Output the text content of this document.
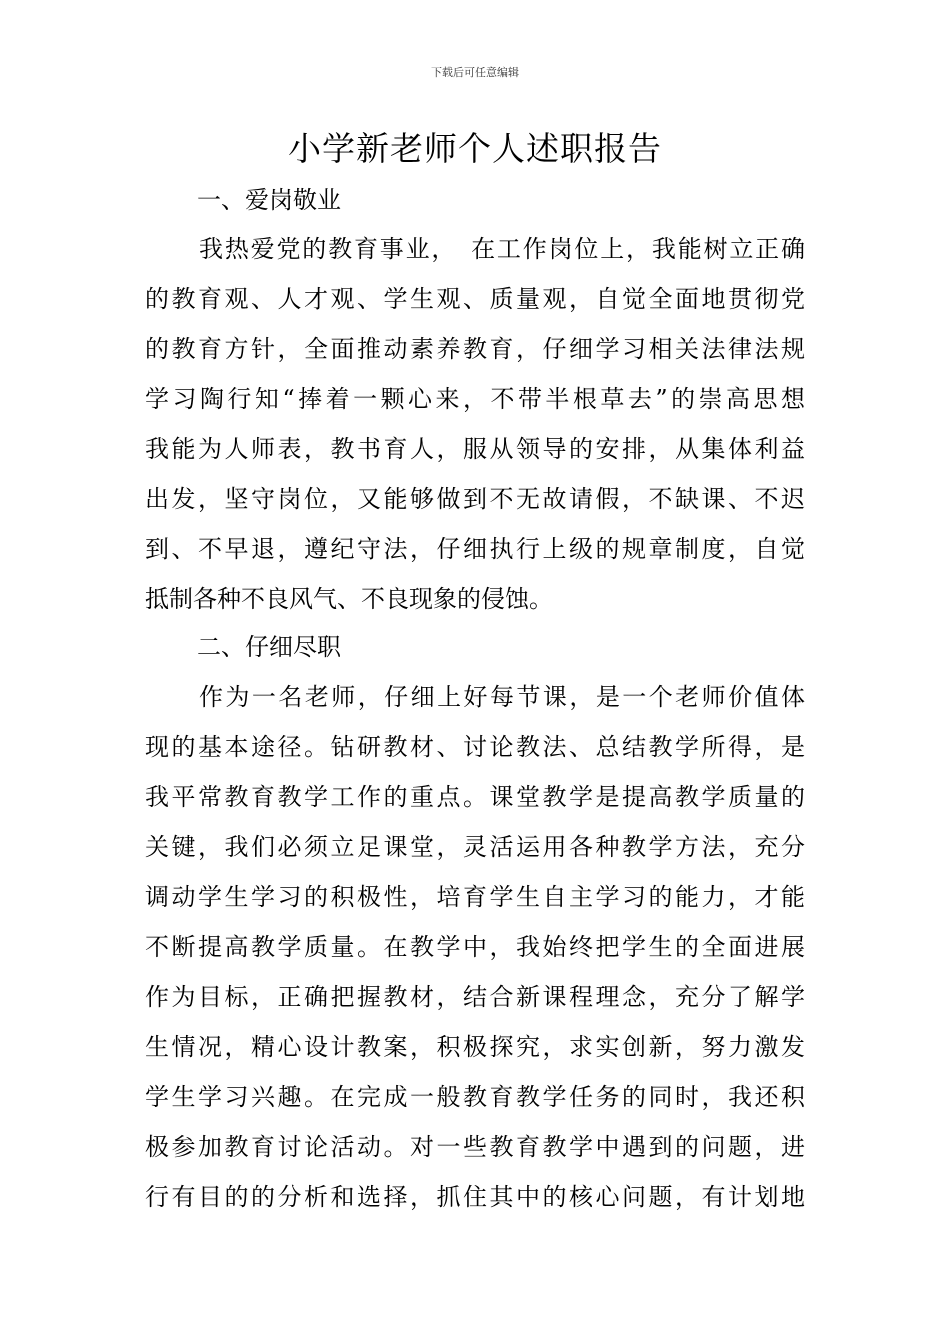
下载后可任意编辑
小学新老师个人述职报告
一、爱岗敬业
我热爱党的教育事业，　在工作岗位上，我能树立正确
的教育观、人才观、学生观、质量观，自觉全面地贯彻党
的教育方针，全面推动素养教育，仔细学习相关法律法规
学习陶行知“捧着一颗心来，不带半根草去”的崇高思想
我能为人师表，教书育人，服从领导的安排，从集体利益
出发，坚守岗位，又能够做到不无故请假，不缺课、不迟
到、不早退，遵纪守法，仔细执行上级的规章制度，自觉
抵制各种不良风气、不良现象的侵蚀。
二、仔细尽职
作为一名老师，仔细上好每节课，是一个老师价值体
现的基本途径。钻研教材、讨论教法、总结教学所得，是
我平常教育教学工作的重点。课堂教学是提高教学质量的
关键，我们必须立足课堂，灵活运用各种教学方法，充分
调动学生学习的积极性，培育学生自主学习的能力，才能
不断提高教学质量。在教学中，我始终把学生的全面进展
作为目标，正确把握教材，结合新课程理念，充分了解学
生情况，精心设计教案，积极探究，求实创新，努力激发
学生学习兴趣。在完成一般教育教学任务的同时，我还积
极参加教育讨论活动。对一些教育教学中遇到的问题，进
行有目的的分析和选择，抓住其中的核心问题，有计划地
